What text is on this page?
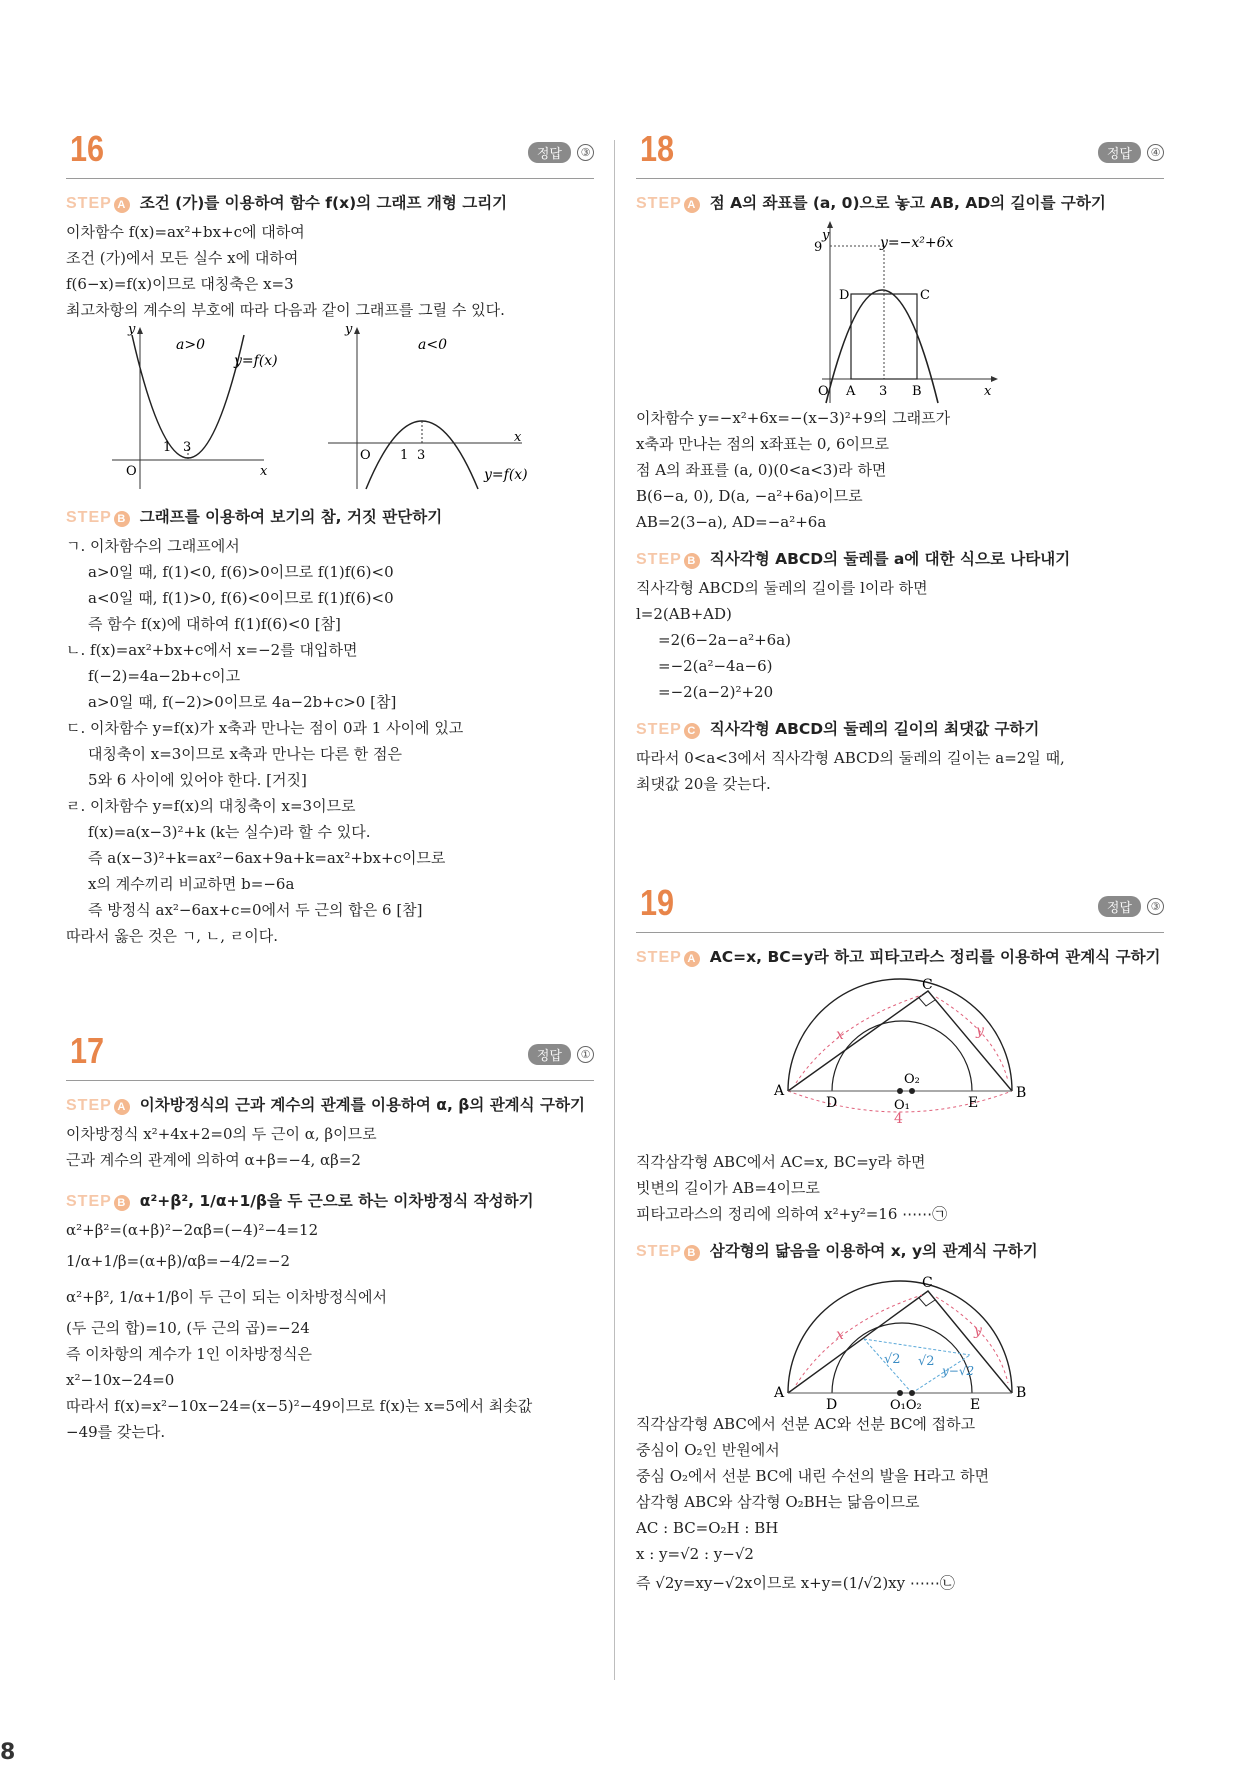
16	정답	③
STEP A 조건 (가)를 이용하여 함수 f(x)의 그래프 개형 그리기
이차함수 f(x)=ax²+bx+c에 대하여
조건 (가)에서 모든 실수 x에 대하여
f(6−x)=f(x)이므로 대칭축은 x=3
최고차항의 계수의 부호에 따라 다음과 같이 그래프를 그릴 수 있다.
y
x
O
1 3
a>0
y=f(x)
y
x
O 1 3
a<0
y=f(x)
STEP B 그래프를 이용하여 보기의 참, 거짓 판단하기
ㄱ. 이차함수의 그래프에서
a>0일 때, f(1)<0, f(6)>0이므로 f(1)f(6)<0
a<0일 때, f(1)>0, f(6)<0이므로 f(1)f(6)<0
즉 함수 f(x)에 대하여 f(1)f(6)<0 [참]
ㄴ. f(x)=ax²+bx+c에서 x=−2를 대입하면
f(−2)=4a−2b+c이고
a>0일 때, f(−2)>0이므로 4a−2b+c>0 [참]
ㄷ. 이차함수 y=f(x)가 x축과 만나는 점이 0과 1 사이에 있고
대칭축이 x=3이므로 x축과 만나는 다른 한 점은
5와 6 사이에 있어야 한다. [거짓]
ㄹ. 이차함수 y=f(x)의 대칭축이 x=3이므로
f(x)=a(x−3)²+k (k는 실수)라 할 수 있다.
즉 a(x−3)²+k=ax²−6ax+9a+k=ax²+bx+c이므로
x의 계수끼리 비교하면 b=−6a
즉 방정식 ax²−6ax+c=0에서 두 근의 합은 6 [참]
따라서 옳은 것은 ㄱ, ㄴ, ㄹ이다.
17	정답	①
STEP A 이차방정식의 근과 계수의 관계를 이용하여 α, β의 관계식 구하기
이차방정식 x²+4x+2=0의 두 근이 α, β이므로
근과 계수의 관계에 의하여 α+β=−4, αβ=2
STEP B α²+β², 1/α+1/β을 두 근으로 하는 이차방정식 작성하기
α²+β²=(α+β)²−2αβ=(−4)²−4=12
1/α+1/β=(α+β)/αβ=−4/2=−2
α²+β², 1/α+1/β이 두 근이 되는 이차방정식에서
(두 근의 합)=10, (두 근의 곱)=−24
즉 이차항의 계수가 1인 이차방정식은
x²−10x−24=0
따라서 f(x)=x²−10x−24=(x−5)²−49이므로 f(x)는 x=5에서 최솟값
−49를 갖는다.
18	정답	④
STEP A 점 A의 좌표를 (a, 0)으로 놓고 AB, AD의 길이를 구하기
y
9	y=−x²+6x
D	C
O A 3 B	x
이차함수 y=−x²+6x=−(x−3)²+9의 그래프가
x축과 만나는 점의 x좌표는 0, 6이므로
점 A의 좌표를 (a, 0)(0<a<3)라 하면
B(6−a, 0), D(a, −a²+6a)이므로
AB=2(3−a), AD=−a²+6a
STEP B 직사각형 ABCD의 둘레를 a에 대한 식으로 나타내기
직사각형 ABCD의 둘레의 길이를 l이라 하면
l=2(AB+AD)
=2(6−2a−a²+6a)
=−2(a²−4a−6)
=−2(a−2)²+20
STEP C 직사각형 ABCD의 둘레의 길이의 최댓값 구하기
따라서 0<a<3에서 직사각형 ABCD의 둘레의 길이는 a=2일 때,
최댓값 20을 갖는다.
19	정답	③
STEP A AC=x, BC=y라 하고 피타고라스 정리를 이용하여 관계식 구하기
C
A	B
D	E
O₁
O₂
x	y
4
직각삼각형 ABC에서 AC=x, BC=y라 하면
빗변의 길이가 AB=4이므로
피타고라스의 정리에 의하여 x²+y²=16 ⋯⋯㉠
STEP B 삼각형의 닮음을 이용하여 x, y의 관계식 구하기
C
A	B
D	E
O₁O₂
x	y
√2 √2
y−√2
직각삼각형 ABC에서 선분 AC와 선분 BC에 접하고
중심이 O₂인 반원에서
중심 O₂에서 선분 BC에 내린 수선의 발을 H라고 하면
삼각형 ABC와 삼각형 O₂BH는 닮음이므로
AC : BC=O₂H : BH
x : y=√2 : y−√2
즉 √2y=xy−√2x이므로 x+y=(1/√2)xy ⋯⋯㉡
8
